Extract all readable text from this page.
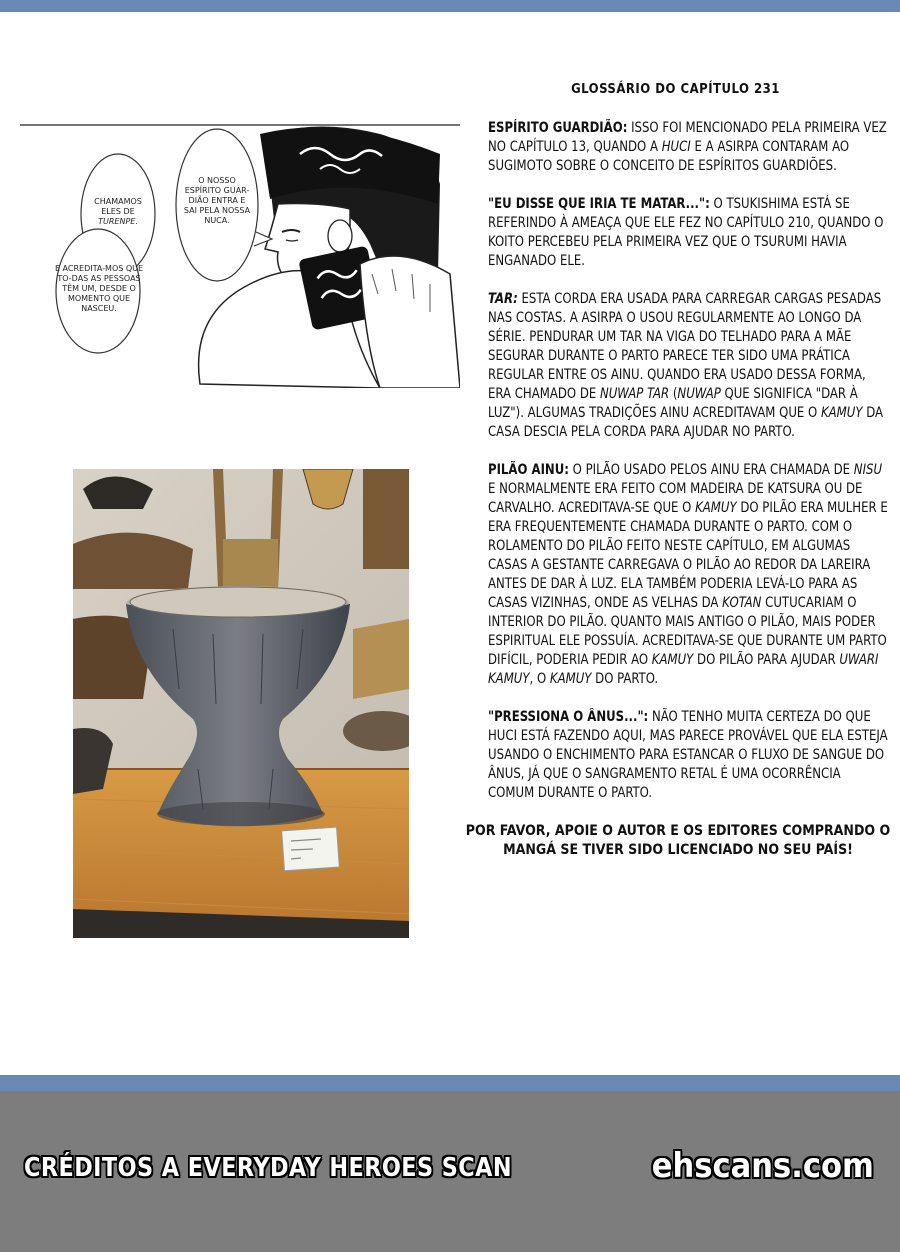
O NOSSO ESPÍRITO GUAR-DIÃO ENTRA E SAI PELA NOSSA NUCA.
CHAMAMOS ELES DE TURENPE.
E ACREDITA-MOS QUE TO-DAS AS PESSOAS TÊM UM, DESDE O MOMENTO QUE NASCEU.
GLOSSÁRIO DO CAPÍTULO 231
ESPÍRITO GUARDIÃO: ISSO FOI MENCIONADO PELA PRIMEIRA VEZ NO CAPÍTULO 13, QUANDO A HUCI E A ASIRPA CONTARAM AO SUGIMOTO SOBRE O CONCEITO DE ESPÍRITOS GUARDIÕES.
"EU DISSE QUE IRIA TE MATAR...": O TSUKISHIMA ESTÁ SE REFERINDO À AMEAÇA QUE ELE FEZ NO CAPÍTULO 210, QUANDO O KOITO PERCEBEU PELA PRIMEIRA VEZ QUE O TSURUMI HAVIA ENGANADO ELE.
TAR: ESTA CORDA ERA USADA PARA CARREGAR CARGAS PESADAS NAS COSTAS. A ASIRPA O USOU REGULARMENTE AO LONGO DA SÉRIE. PENDURAR UM TAR NA VIGA DO TELHADO PARA A MÃE SEGURAR DURANTE O PARTO PARECE TER SIDO UMA PRÁTICA REGULAR ENTRE OS AINU. QUANDO ERA USADO DESSA FORMA, ERA CHAMADO DE NUWAP TAR (NUWAP QUE SIGNIFICA "DAR À LUZ"). ALGUMAS TRADIÇÕES AINU ACREDITAVAM QUE O KAMUY DA CASA DESCIA PELA CORDA PARA AJUDAR NO PARTO.
PILÃO AINU: O PILÃO USADO PELOS AINU ERA CHAMADA DE NISU E NORMALMENTE ERA FEITO COM MADEIRA DE KATSURA OU DE CARVALHO. ACREDITAVA-SE QUE O KAMUY DO PILÃO ERA MULHER E ERA FREQUENTEMENTE CHAMADA DURANTE O PARTO. COM O ROLAMENTO DO PILÃO FEITO NESTE CAPÍTULO, EM ALGUMAS CASAS A GESTANTE CARREGAVA O PILÃO AO REDOR DA LAREIRA ANTES DE DAR À LUZ. ELA TAMBÉM PODERIA LEVÁ-LO PARA AS CASAS VIZINHAS, ONDE AS VELHAS DA KOTAN CUTUCARIAM O INTERIOR DO PILÃO. QUANTO MAIS ANTIGO O PILÃO, MAIS PODER ESPIRITUAL ELE POSSUÍA. ACREDITAVA-SE QUE DURANTE UM PARTO DIFÍCIL, PODERIA PEDIR AO KAMUY DO PILÃO PARA AJUDAR UWARI KAMUY, O KAMUY DO PARTO.
"PRESSIONA O ÂNUS...": NÃO TENHO MUITA CERTEZA DO QUE HUCI ESTÁ FAZENDO AQUI, MAS PARECE PROVÁVEL QUE ELA ESTEJA USANDO O ENCHIMENTO PARA ESTANCAR O FLUXO DE SANGUE DO ÂNUS, JÁ QUE O SANGRAMENTO RETAL É UMA OCORRÊNCIA COMUM DURANTE O PARTO.
POR FAVOR, APOIE O AUTOR E OS EDITORES COMPRANDO O MANGÁ SE TIVER SIDO LICENCIADO NO SEU PAÍS!
CRÉDITOS A EVERYDAY HEROES SCAN	ehscans.com
